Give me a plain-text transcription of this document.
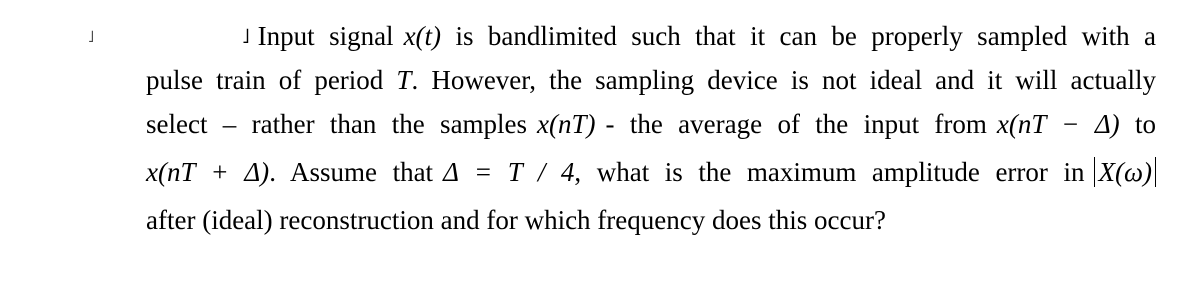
˩	˩ Input signal x(t) is bandlimited such that it can be properly sampled with a
pulse train of period T. However, the sampling device is not ideal and it will actually
select – rather than the samples x(nT) - the average of the input from x(nT − Δ) to
x(nT + Δ). Assume that Δ = T / 4, what is the maximum amplitude error in X(ω)
after (ideal) reconstruction and for which frequency does this occur?
